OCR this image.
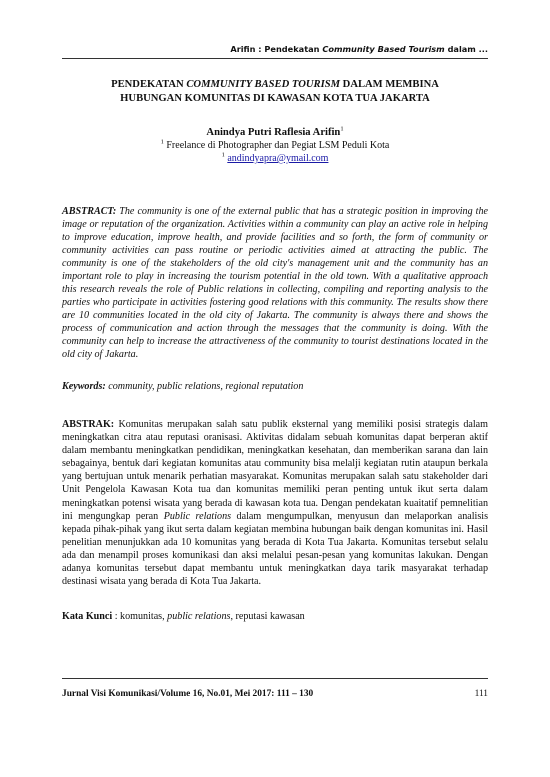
Arifin : Pendekatan Community Based Tourism dalam ...
PENDEKATAN COMMUNITY BASED TOURISM DALAM MEMBINA
HUBUNGAN KOMUNITAS DI KAWASAN KOTA TUA JAKARTA
Anindya Putri Raflesia Arifin$^1$
$^1$ Freelance di Photographer dan Pegiat LSM Peduli Kota
$^1$ andindyapra@ymail.com
ABSTRACT: The community is one of the external public that has a strategic position in improving the image or reputation of the organization. Activities within a community can play an active role in helping to improve education, improve health, and provide facilities and so forth, the form of community or community activities can pass routine or periodic activities aimed at attracting the public. The community is one of the stakeholders of the old city's management unit and the community has an important role to play in increasing the tourism potential in the old town. With a qualitative approach this research reveals the role of Public relations in collecting, compiling and reporting analysis to the parties who participate in activities fostering good relations with this community. The results show there are 10 communities located in the old city of Jakarta. The community is always there and shows the process of communication and action through the messages that the community is doing. With the community can help to increase the attractiveness of the community to tourist destinations located in the old city of Jakarta.
Keywords: community, public relations, regional reputation
ABSTRAK: Komunitas merupakan salah satu publik eksternal yang memiliki posisi strategis dalam meningkatkan citra atau reputasi oranisasi. Aktivitas didalam sebuah komunitas dapat berperan aktif dalam membantu meningkatkan pendidikan, meningkatkan kesehatan, dan memberikan sarana dan lain sebagainya, bentuk dari kegiatan komunitas atau community bisa melalji kegiatan rutin ataupun berkala yang bertujuan untuk menarik perhatian masyarakat. Komunitas merupakan salah satu stakeholder dari Unit Pengelola Kawasan Kota tua dan komunitas memiliki peran penting untuk ikut serta dalam meningkatkan potensi wisata yang berada di kawasan kota tua. Dengan pendekatan kuaitatif pemnelitian ini mengungkap peran Public relations dalam mengumpulkan, menyusun dan melaporkan analisis kepada pihak-pihak yang ikut serta dalam kegiatan membina hubungan baik dengan komunitas ini. Hasil penelitian menunjukkan ada 10 komunitas yang berada di Kota Tua Jakarta. Komunitas tersebut selalu ada dan menampil proses komunikasi dan aksi melalui pesan-pesan yang komunitas lakukan. Dengan adanya komunitas tersebut dapat membantu untuk meningkatkan daya tarik masyarakat terhadap destinasi wisata yang berada di Kota Tua Jakarta.
Kata Kunci : komunitas, public relations, reputasi kawasan
Jurnal Visi Komunikasi/Volume 16, No.01, Mei 2017: 111 – 130	111
